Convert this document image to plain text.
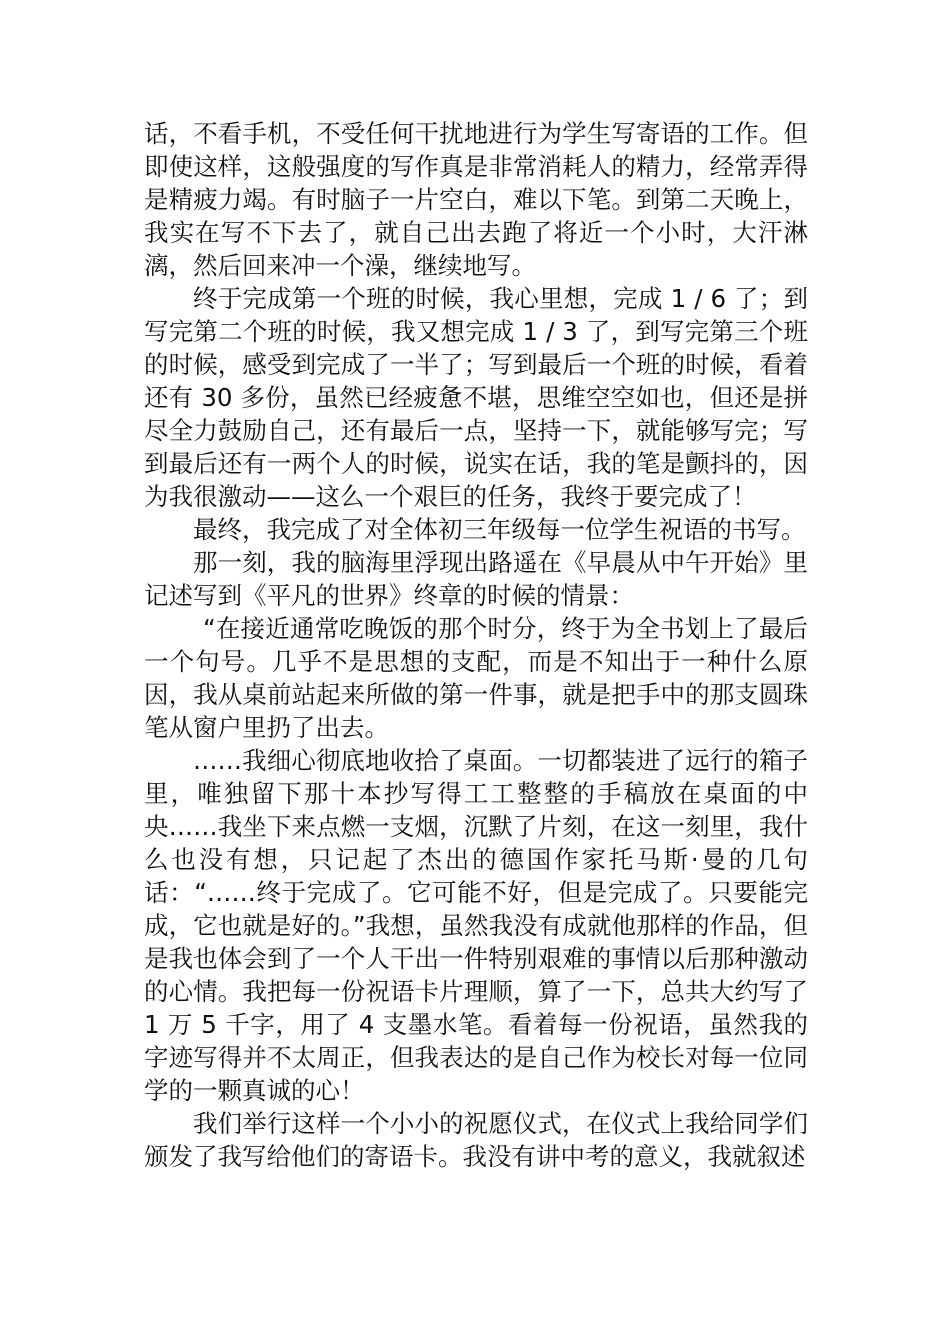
话，不看手机，不受任何干扰地进行为学生写寄语的工作。但即使这样，这般强度的写作真是非常消耗人的精力，经常弄得是精疲力竭。有时脑子一片空白，难以下笔。到第二天晚上，我实在写不下去了，就自己出去跑了将近一个小时，大汗淋漓，然后回来冲一个澡，继续地写。

终于完成第一个班的时候，我心里想，完成 1 / 6 了；到写完第二个班的时候，我又想完成 1 / 3 了，到写完第三个班的时候，感受到完成了一半了；写到最后一个班的时候，看着还有 30 多份，虽然已经疲惫不堪，思维空空如也，但还是拼尽全力鼓励自己，还有最后一点，坚持一下，就能够写完；写到最后还有一两个人的时候，说实在话，我的笔是颤抖的，因为我很激动——这么一个艰巨的任务，我终于要完成了！

最终，我完成了对全体初三年级每一位学生祝语的书写。

那一刻，我的脑海里浮现出路遥在《早晨从中午开始》里记述写到《平凡的世界》终章的时候的情景：

“在接近通常吃晚饭的那个时分，终于为全书划上了最后一个句号。几乎不是思想的支配，而是不知出于一种什么原因，我从桌前站起来所做的第一件事，就是把手中的那支圆珠笔从窗户里扔了出去。

……我细心彻底地收拾了桌面。一切都装进了远行的箱子里，唯独留下那十本抄写得工工整整的手稿放在桌面的中央……我坐下来点燃一支烟，沉默了片刻，在这一刻里，我什么也没有想，只记起了杰出的德国作家托马斯·曼的几句话：“……终于完成了。它可能不好，但是完成了。只要能完成，它也就是好的。”我想，虽然我没有成就他那样的作品，但是我也体会到了一个人干出一件特别艰难的事情以后那种激动的心情。我把每一份祝语卡片理顺，算了一下，总共大约写了 1 万 5 千字，用了 4 支墨水笔。看着每一份祝语，虽然我的字迹写得并不太周正，但我表达的是自己作为校长对每一位同学的一颗真诚的心！

我们举行这样一个小小的祝愿仪式，在仪式上我给同学们颁发了我写给他们的寄语卡。我没有讲中考的意义，我就叙述
